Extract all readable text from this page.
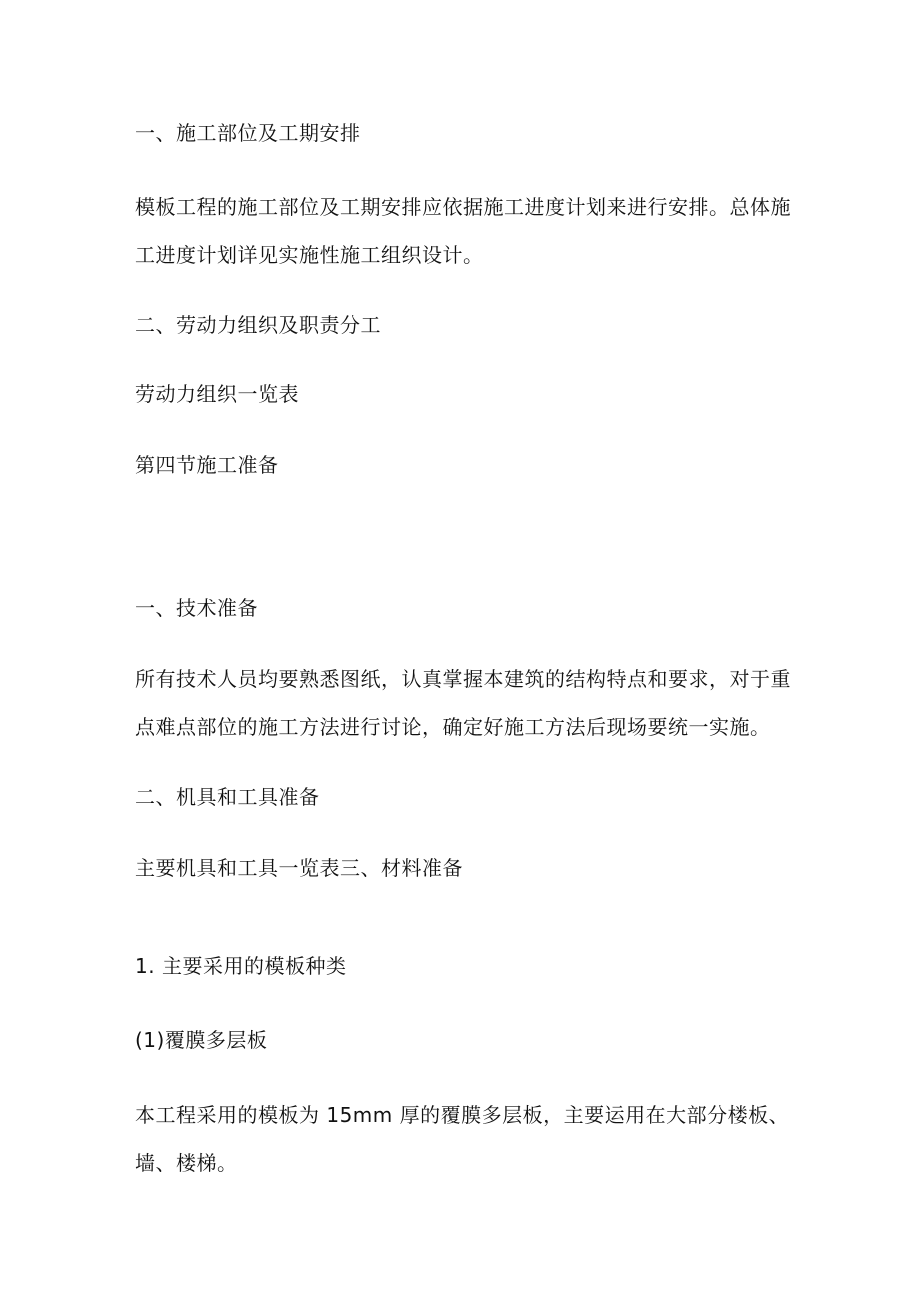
一、施工部位及工期安排

模板工程的施工部位及工期安排应依据施工进度计划来进行安排。总体施
工进度计划详见实施性施工组织设计。

二、劳动力组织及职责分工

劳动力组织一览表

第四节施工准备

一、技术准备

所有技术人员均要熟悉图纸，认真掌握本建筑的结构特点和要求，对于重
点难点部位的施工方法进行讨论，确定好施工方法后现场要统一实施。

二、机具和工具准备

主要机具和工具一览表三、材料准备

1. 主要采用的模板种类

(1)覆膜多层板

本工程采用的模板为 15mm 厚的覆膜多层板，主要运用在大部分楼板、
墙、楼梯。
